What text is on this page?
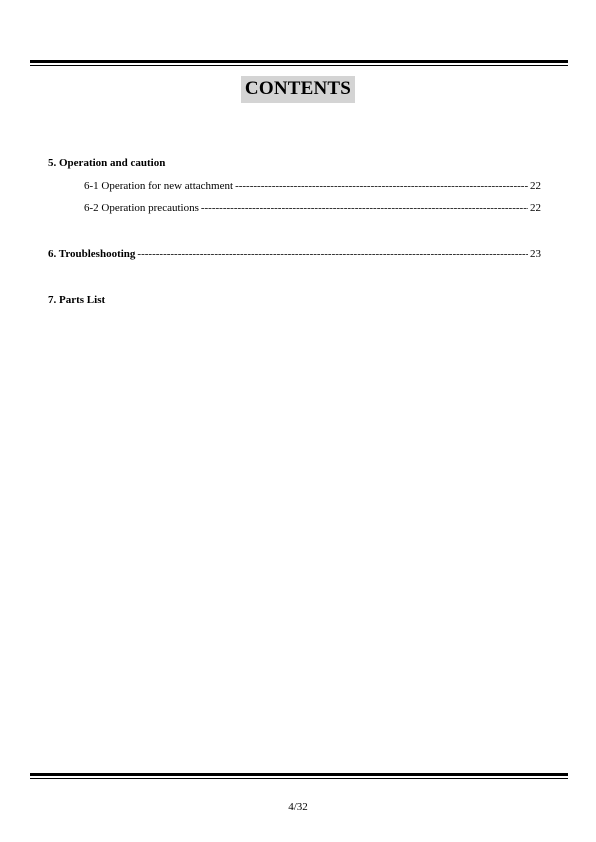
CONTENTS
5. Operation and caution
6-1 Operation for new attachment -----	22
6-2 Operation precautions -----	22
6. Troubleshooting -----	23
7. Parts List
4/32
